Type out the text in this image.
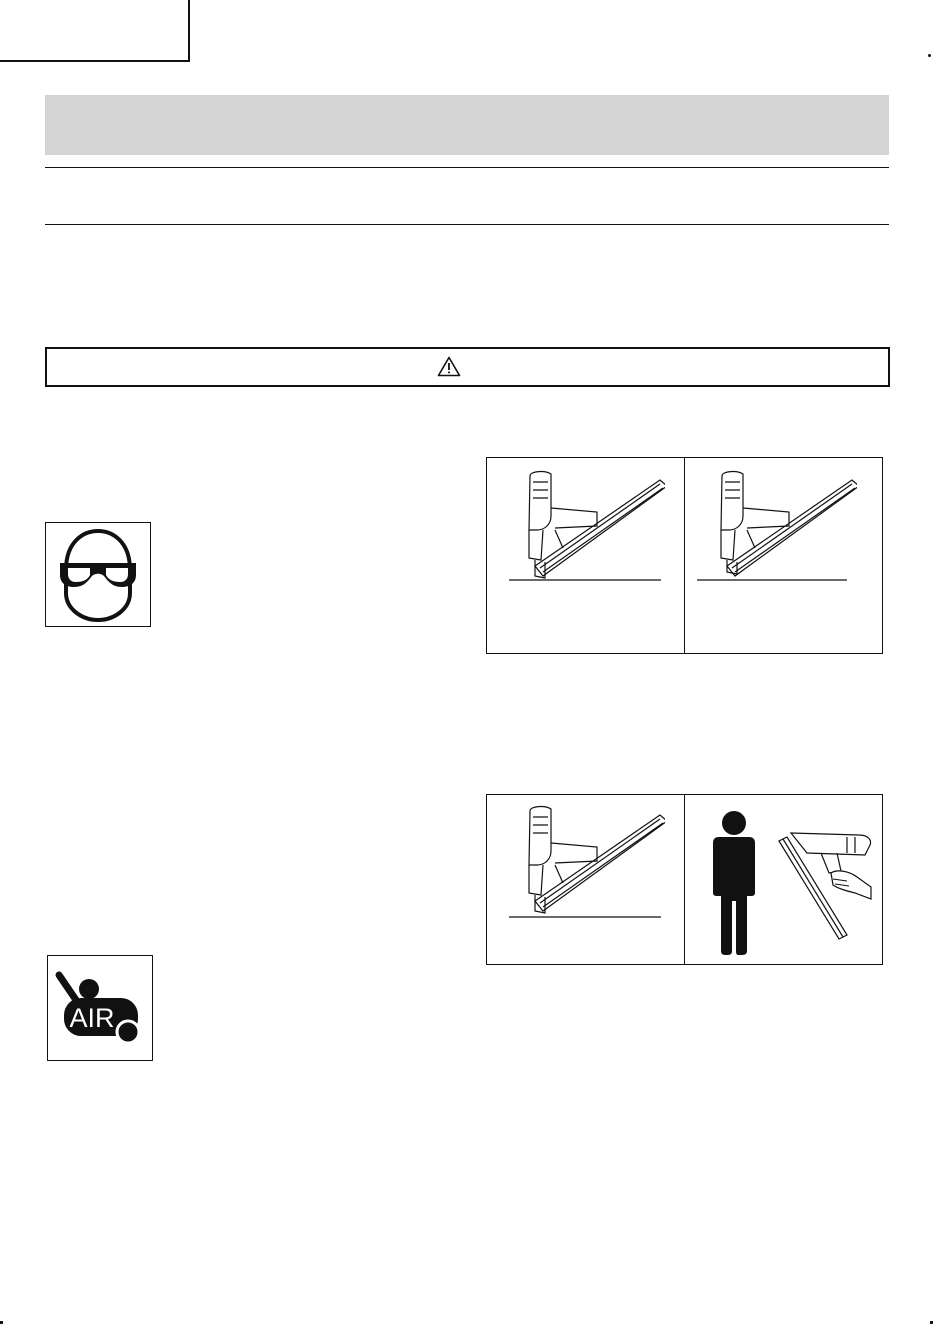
AIR
